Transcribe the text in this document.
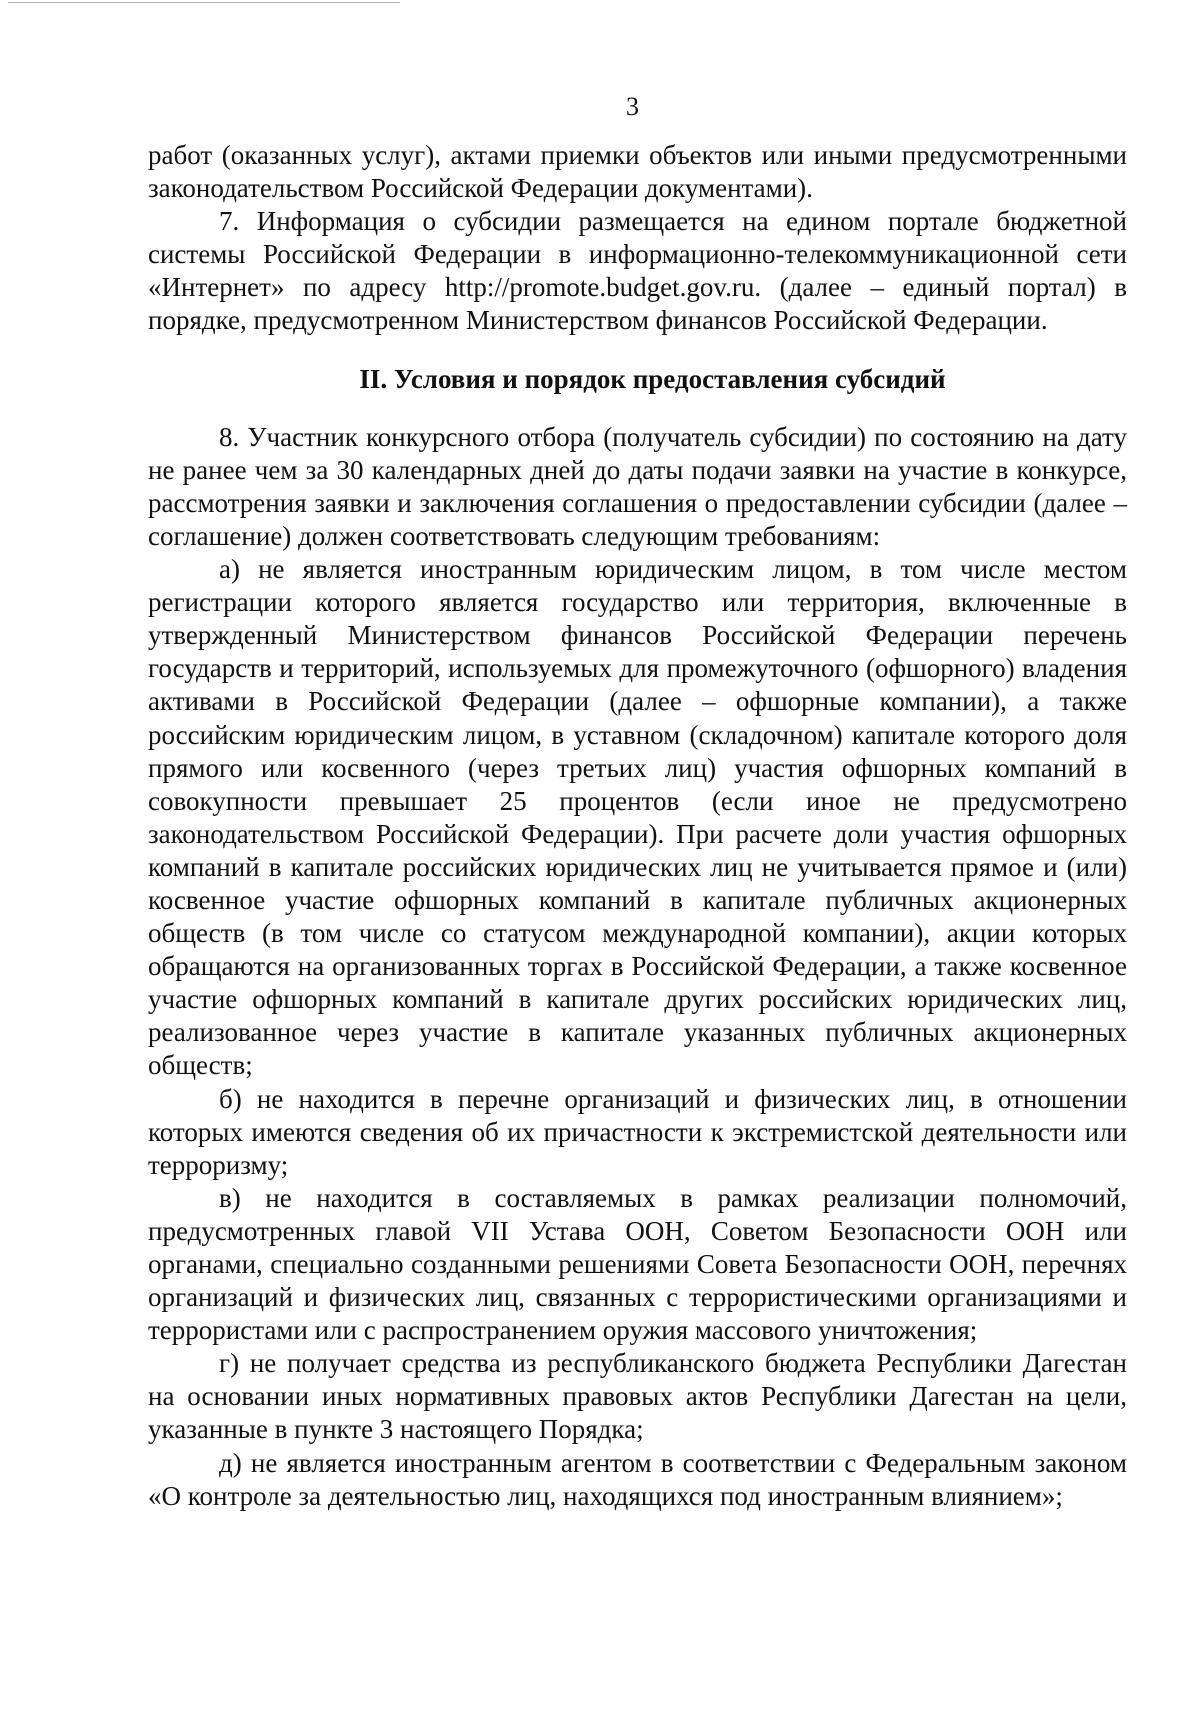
3

работ (оказанных услуг), актами приемки объектов или иными предусмотренными законодательством Российской Федерации документами).

7. Информация о субсидии размещается на едином портале бюджетной системы Российской Федерации в информационно-телекоммуникационной сети «Интернет» по адресу http://promote.budget.gov.ru. (далее – единый портал) в порядке, предусмотренном Министерством финансов Российской Федерации.

II. Условия и порядок предоставления субсидий

8. Участник конкурсного отбора (получатель субсидии) по состоянию на дату не ранее чем за 30 календарных дней до даты подачи заявки на участие в конкурсе, рассмотрения заявки и заключения соглашения о предоставлении субсидии (далее – соглашение) должен соответствовать следующим требованиям:

а) не является иностранным юридическим лицом, в том числе местом регистрации которого является государство или территория, включенные в утвержденный Министерством финансов Российской Федерации перечень государств и территорий, используемых для промежуточного (офшорного) владения активами в Российской Федерации (далее – офшорные компании), а также российским юридическим лицом, в уставном (складочном) капитале которого доля прямого или косвенного (через третьих лиц) участия офшорных компаний в совокупности превышает 25 процентов (если иное не предусмотрено законодательством Российской Федерации). При расчете доли участия офшорных компаний в капитале российских юридических лиц не учитывается прямое и (или) косвенное участие офшорных компаний в капитале публичных акционерных обществ (в том числе со статусом международной компании), акции которых обращаются на организованных торгах в Российской Федерации, а также косвенное участие офшорных компаний в капитале других российских юридических лиц, реализованное через участие в капитале указанных публичных акционерных обществ;

б) не находится в перечне организаций и физических лиц, в отношении которых имеются сведения об их причастности к экстремистской деятельности или терроризму;

в) не находится в составляемых в рамках реализации полномочий, предусмотренных главой VII Устава ООН, Советом Безопасности ООН или органами, специально созданными решениями Совета Безопасности ООН, перечнях организаций и физических лиц, связанных с террористическими организациями и террористами или с распространением оружия массового уничтожения;

г) не получает средства из республиканского бюджета Республики Дагестан на основании иных нормативных правовых актов Республики Дагестан на цели, указанные в пункте 3 настоящего Порядка;

д) не является иностранным агентом в соответствии с Федеральным законом «О контроле за деятельностью лиц, находящихся под иностранным влиянием»;
